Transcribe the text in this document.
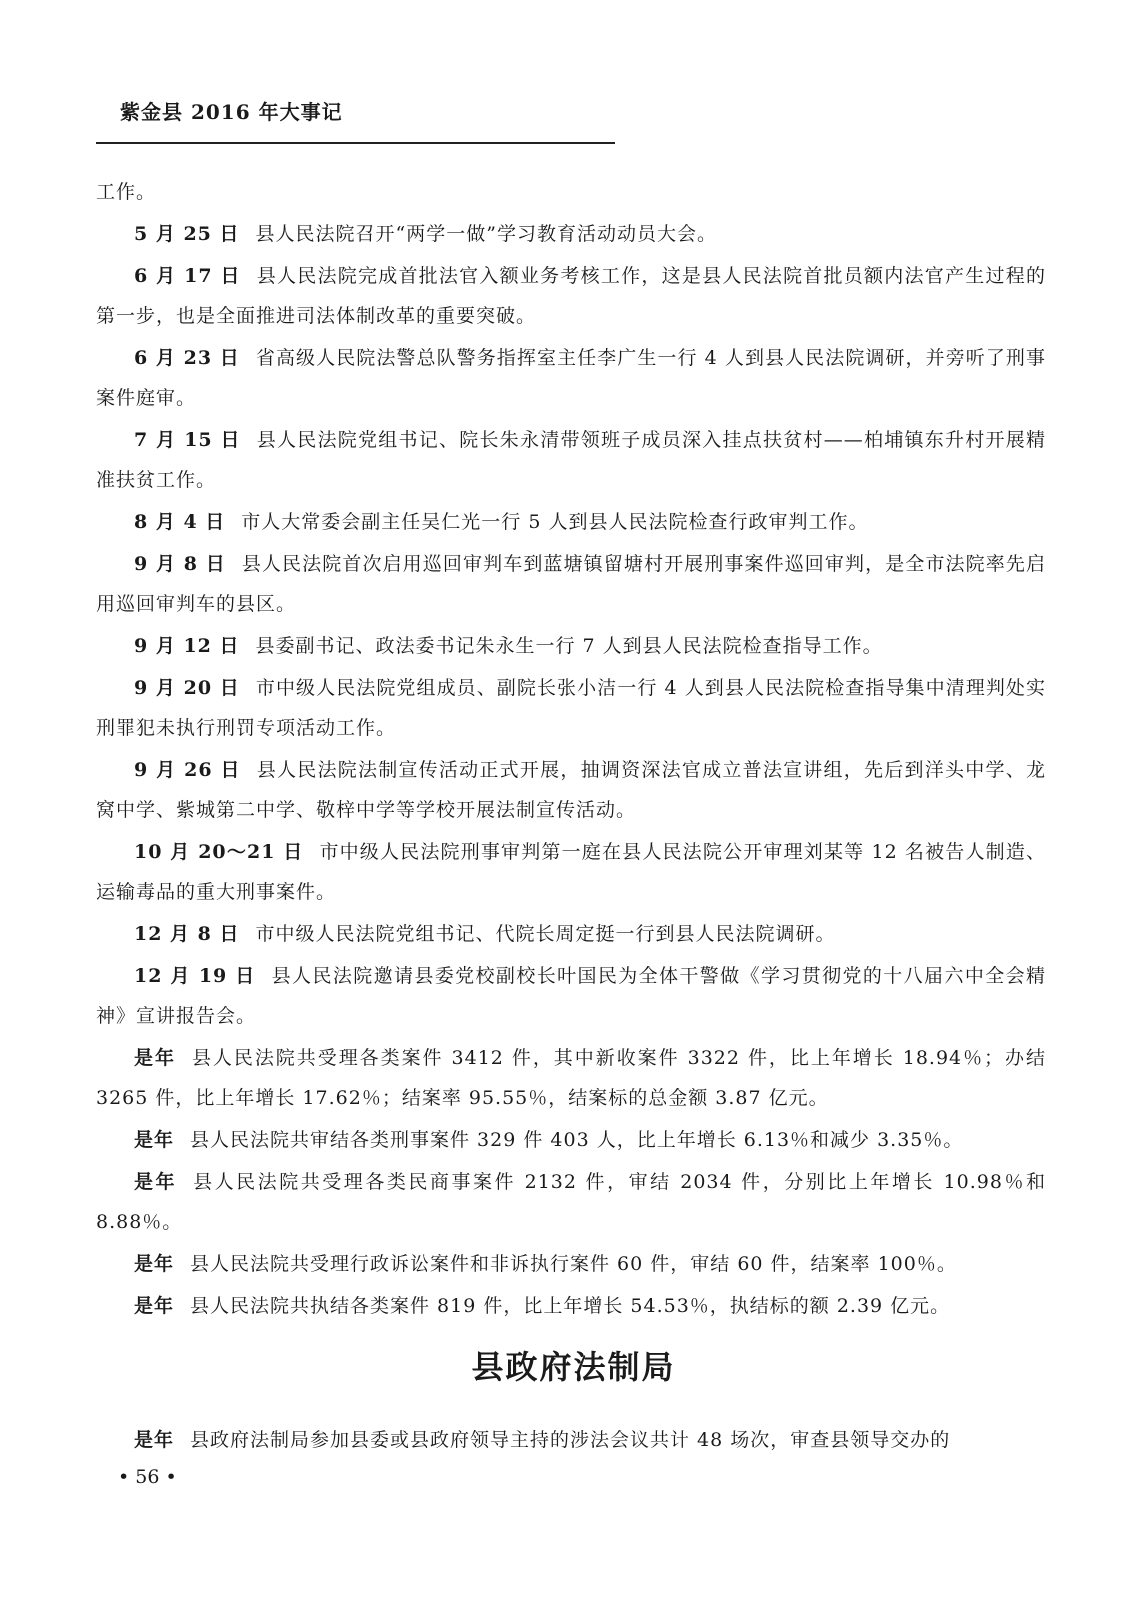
紫金县 2016 年大事记

工作。

5 月 25 日 县人民法院召开“两学一做”学习教育活动动员大会。

6 月 17 日 县人民法院完成首批法官入额业务考核工作，这是县人民法院首批员额内法官产生过程的第一步，也是全面推进司法体制改革的重要突破。

6 月 23 日 省高级人民院法警总队警务指挥室主任李广生一行 4 人到县人民法院调研，并旁听了刑事案件庭审。

7 月 15 日 县人民法院党组书记、院长朱永清带领班子成员深入挂点扶贫村——柏埔镇东升村开展精准扶贫工作。

8 月 4 日 市人大常委会副主任吴仁光一行 5 人到县人民法院检查行政审判工作。

9 月 8 日 县人民法院首次启用巡回审判车到蓝塘镇留塘村开展刑事案件巡回审判，是全市法院率先启用巡回审判车的县区。

9 月 12 日 县委副书记、政法委书记朱永生一行 7 人到县人民法院检查指导工作。

9 月 20 日 市中级人民法院党组成员、副院长张小洁一行 4 人到县人民法院检查指导集中清理判处实刑罪犯未执行刑罚专项活动工作。

9 月 26 日 县人民法院法制宣传活动正式开展，抽调资深法官成立普法宣讲组，先后到洋头中学、龙窝中学、紫城第二中学、敬梓中学等学校开展法制宣传活动。

10 月 20～21 日 市中级人民法院刑事审判第一庭在县人民法院公开审理刘某等 12 名被告人制造、运输毒品的重大刑事案件。

12 月 8 日 市中级人民法院党组书记、代院长周定挺一行到县人民法院调研。

12 月 19 日 县人民法院邀请县委党校副校长叶国民为全体干警做《学习贯彻党的十八届六中全会精神》宣讲报告会。

是年 县人民法院共受理各类案件 3412 件，其中新收案件 3322 件，比上年增长 18.94％；办结 3265 件，比上年增长 17.62％；结案率 95.55％，结案标的总金额 3.87 亿元。

是年 县人民法院共审结各类刑事案件 329 件 403 人，比上年增长 6.13％和减少 3.35％。

是年 县人民法院共受理各类民商事案件 2132 件，审结 2034 件，分别比上年增长 10.98％和 8.88％。

是年 县人民法院共受理行政诉讼案件和非诉执行案件 60 件，审结 60 件，结案率 100％。

是年 县人民法院共执结各类案件 819 件，比上年增长 54.53％，执结标的额 2.39 亿元。

县政府法制局

是年 县政府法制局参加县委或县政府领导主持的涉法会议共计 48 场次，审查县领导交办的

• 56 •
